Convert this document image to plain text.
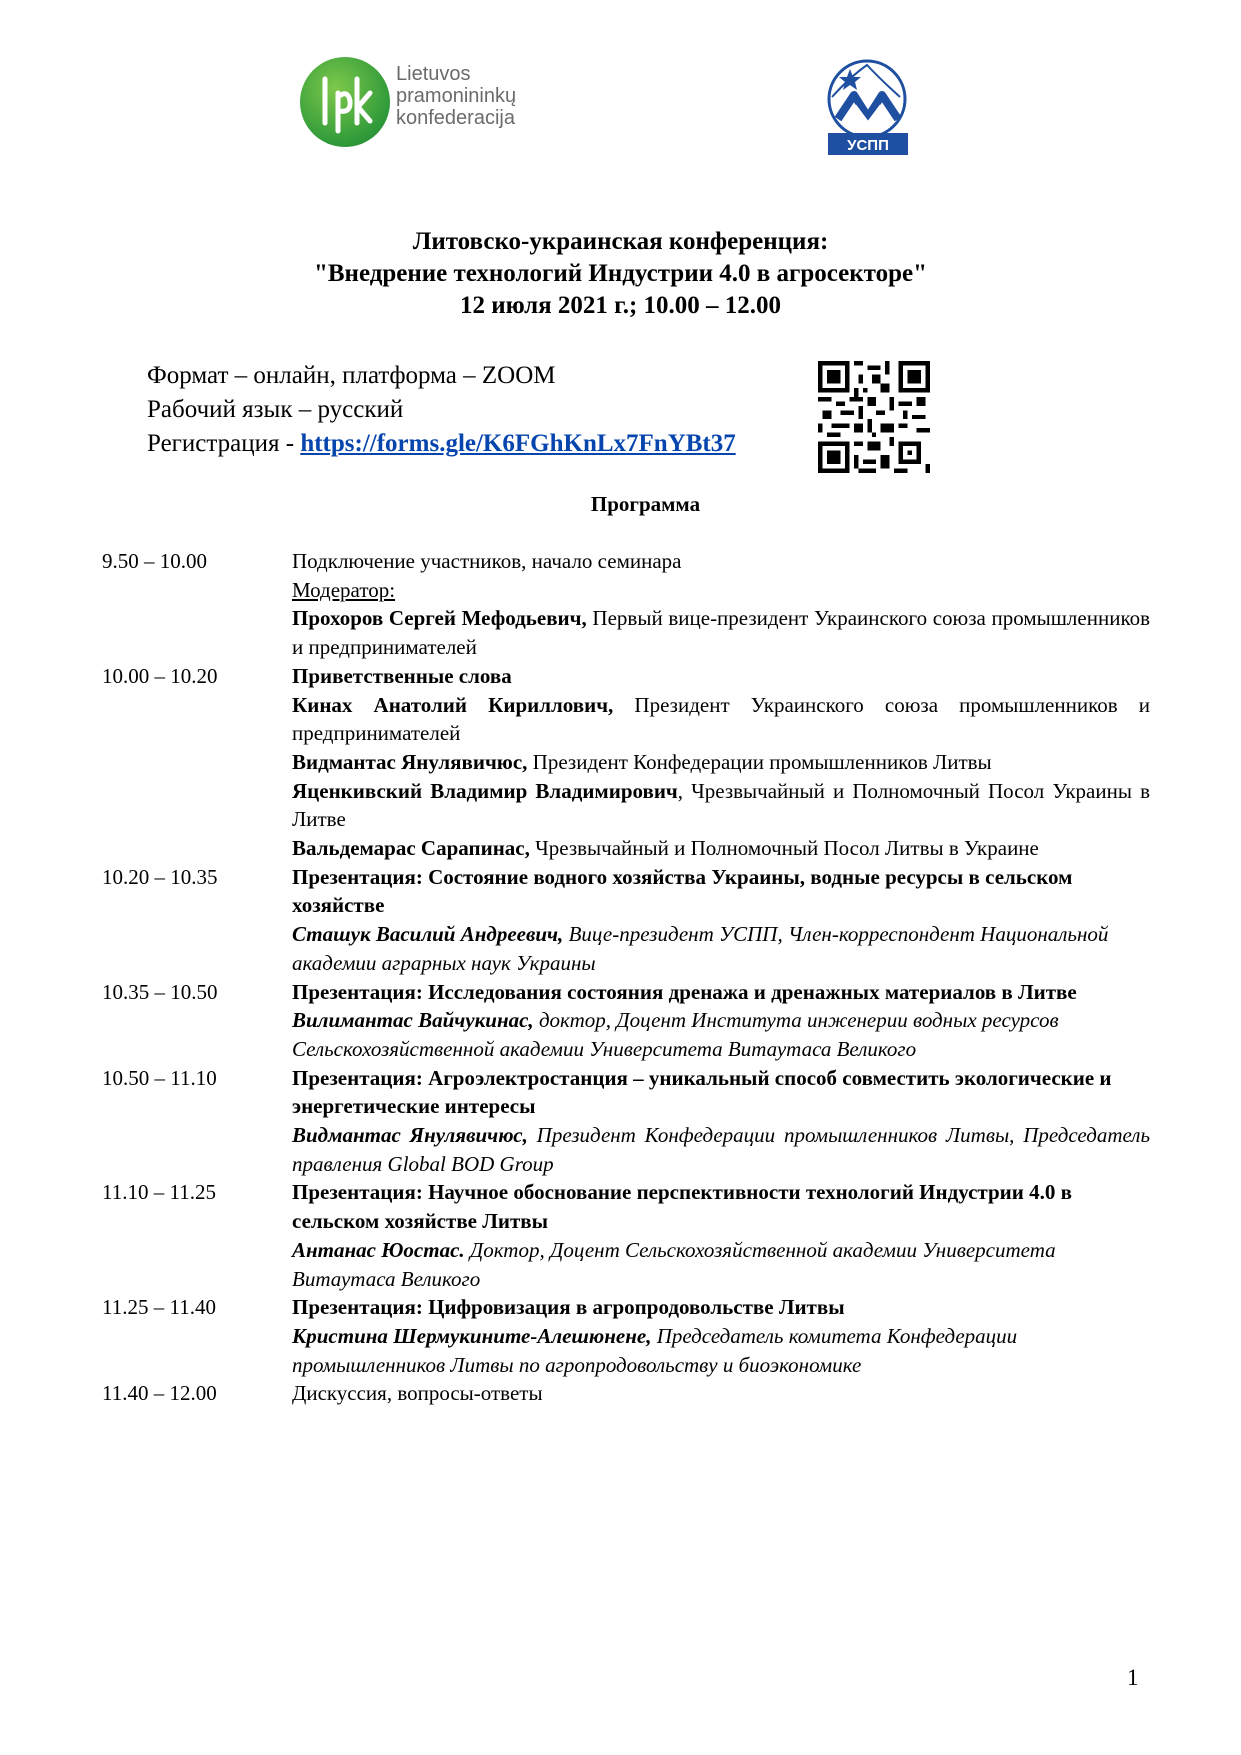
Lietuvos
pramonininkų
konfederacija
УСПП
Литовско-украинская конференция:
"Внедрение технологий Индустрии 4.0 в агросекторе"
12 июля 2021 г.; 10.00 – 12.00
Формат – онлайн, платформа – ZOOM
Рабочий язык – русский
Регистрация - https://forms.gle/K6FGhKnLx7FnYBt37
Программа
9.50 – 10.00	Подключение участников, начало семинара
Модератор:
Прохоров Сергей Мефодьевич, Первый вице-президент Украинского союза промышленников и предпринимателей
10.00 – 10.20	Приветственные слова
Кинах Анатолий Кириллович, Президент Украинского союза промышленников и предпринимателей
Видмантас Янулявичюс, Президент Конфедерации промышленников Литвы
Яценкивский Владимир Владимирович, Чрезвычайный и Полномочный Посол Украины в Литве
Вальдемарас Сарапинас, Чрезвычайный и Полномочный Посол Литвы в Украине
10.20 – 10.35	Презентация: Состояние водного хозяйства Украины, водные ресурсы в сельском хозяйстве
Сташук Василий Андреевич, Вице-президент УСПП, Член-корреспондент Национальной академии аграрных наук Украины
10.35 – 10.50	Презентация: Исследования состояния дренажа и дренажных материалов в Литве
Вилимантас Вайчукинас, доктор, Доцент Института инженерии водных ресурсов Сельскохозяйственной академии Университета Витаутаса Великого
10.50 – 11.10	Презентация: Агроэлектростанция – уникальный способ совместить экологические и энергетические интересы
Видмантас Янулявичюс, Президент Конфедерации промышленников Литвы, Председатель правления Global BOD Group
11.10 – 11.25	Презентация: Научное обоснование перспективности технологий Индустрии 4.0 в сельском хозяйстве Литвы
Антанас Юостас. Доктор, Доцент Сельскохозяйственной академии Университета Витаутаса Великого
11.25 – 11.40	Презентация: Цифровизация в агропродовольстве Литвы
Кристина Шермукините-Алешюнене, Председатель комитета Конфедерации промышленников Литвы по агропродовольству и биоэкономике
11.40 – 12.00	Дискуссия, вопросы-ответы
1
